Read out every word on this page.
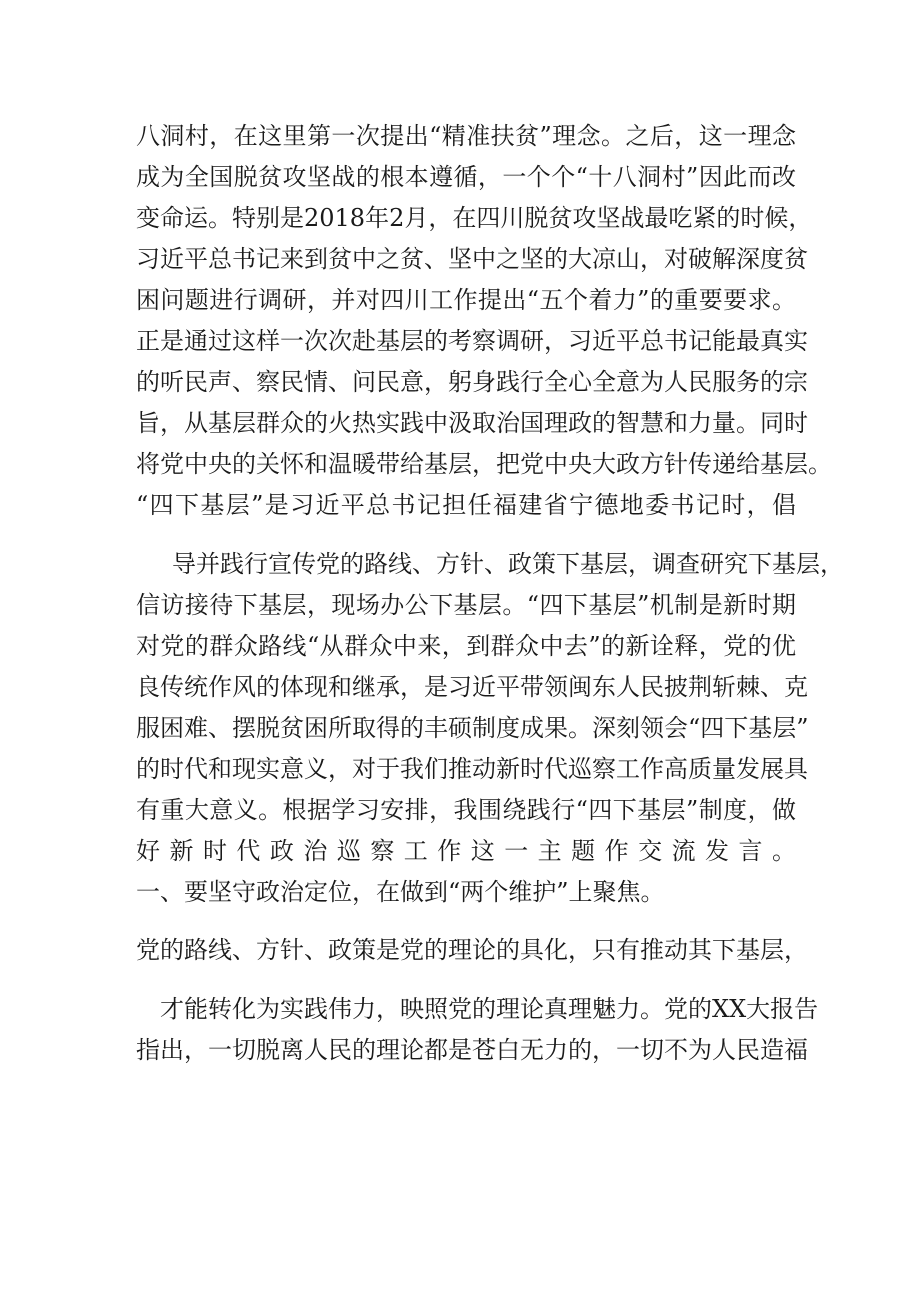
八洞村，在这里第一次提出“精准扶贫”理念。之后，这一理念
成为全国脱贫攻坚战的根本遵循，一个个“十八洞村”因此而改
变命运。特别是2018年2月，在四川脱贫攻坚战最吃紧的时候，
习近平总书记来到贫中之贫、坚中之坚的大凉山，对破解深度贫
困问题进行调研，并对四川工作提出“五个着力”的重要要求。
正是通过这样一次次赴基层的考察调研，习近平总书记能最真实
的听民声、察民情、问民意，躬身践行全心全意为人民服务的宗
旨，从基层群众的火热实践中汲取治国理政的智慧和力量。同时
将党中央的关怀和温暖带给基层，把党中央大政方针传递给基层。
“四下基层”是习近平总书记担任福建省宁德地委书记时，倡
导并践行宣传党的路线、方针、政策下基层，调查研究下基层，
信访接待下基层，现场办公下基层。“四下基层”机制是新时期
对党的群众路线“从群众中来，到群众中去”的新诠释，党的优
良传统作风的体现和继承，是习近平带领闽东人民披荆斩棘、克
服困难、摆脱贫困所取得的丰硕制度成果。深刻领会“四下基层”
的时代和现实意义，对于我们推动新时代巡察工作高质量发展具
有重大意义。根据学习安排，我围绕践行“四下基层”制度，做
好新时代政治巡察工作这一主题作交流发言。
一、要坚守政治定位，在做到“两个维护”上聚焦。
党的路线、方针、政策是党的理论的具化，只有推动其下基层，
才能转化为实践伟力，映照党的理论真理魅力。党的XX大报告
指出，一切脱离人民的理论都是苍白无力的，一切不为人民造福
